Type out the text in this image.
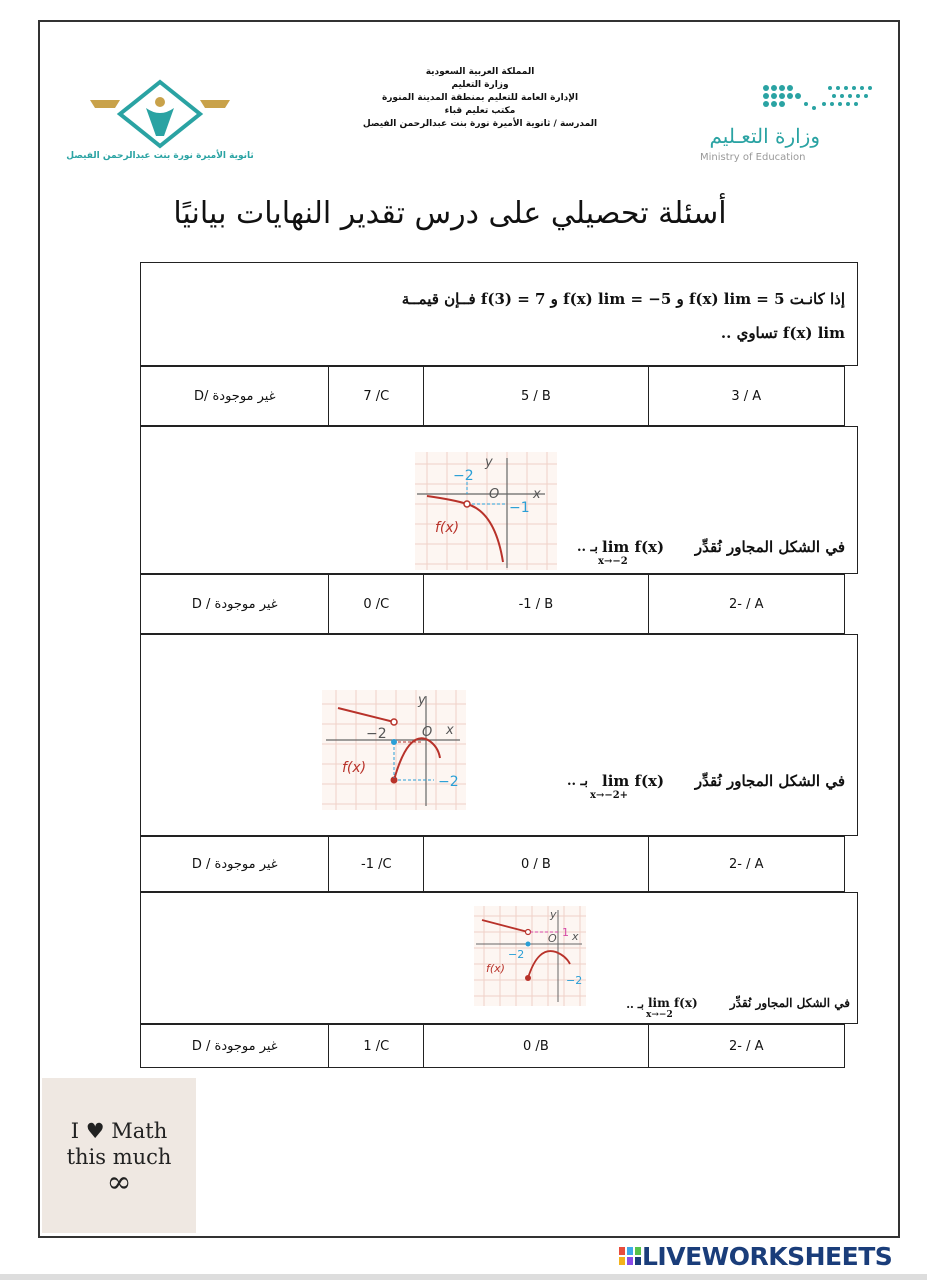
وزارة التعـليم
Ministry of Education
المملكة العربية السعودية
وزارة التعليم
الإدارة العامة للتعليم بمنطقة المدينة المنورة
مكتب تعليم قباء
المدرسة / ثانوية الأميرة نورة بنت عبدالرحمن الفيصل
ثانوية الأميرة نورة بنت عبدالرحمن الفيصل
أسئلة تحصيلي على درس تقدير النهايات بيانيًا
إذا كانـت 5 = f(x) lim و 5− = f(x) lim و 7 = f(3) فــإن قيمــة
f(x) lim تساوي ..
D/ غير موجودة	7 /C	5 / B	3 / A
y
x
O
−2
−1
f(x)
في الشكل المجاور نُقدِّر
lim f(x)
x→−2
بـ ..
D / غير موجودة	0 /C	-1 / B	2- / A
y
x
O
−2
−2
f(x)
في الشكل المجاور نُقدِّر
lim f(x)
x→−2+
بـ ..
D / غير موجودة	-1 /C	0 / B	2- / A
y
x
O
−2
−2
1
f(x)
في الشكل المجاور نُقدِّر
lim f(x)
x→−2
بـ ..
D / غير موجودة	1 /C	0 /B	2- / A
I ♥ Math
this much
∞
LIVEWORKSHEETS
